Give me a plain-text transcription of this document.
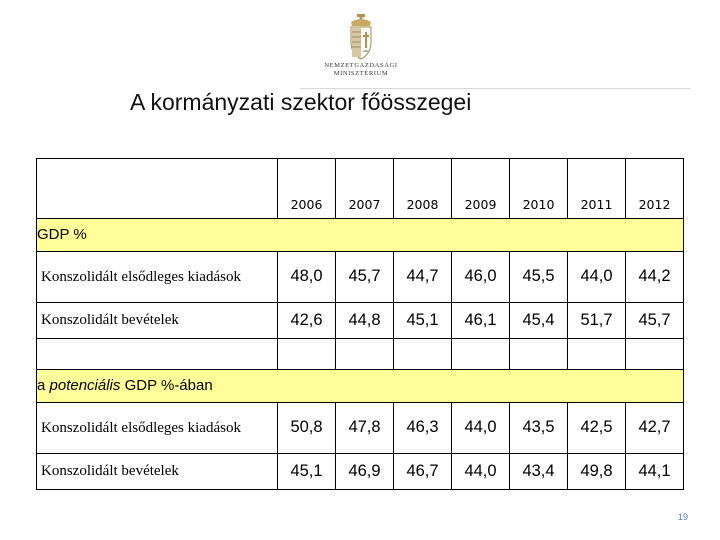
NEMZETGAZDASÁGI
MINISZTÉRIUM
A kormányzati szektor főösszegei
	2006	2007	2008	2009	2010	2011	2012
GDP %							
Konszolidált elsődleges kiadások	48,0	45,7	44,7	46,0	45,5	44,0	44,2
Konszolidált bevételek	42,6	44,8	45,1	46,1	45,4	51,7	45,7

a potenciális GDP %-ában							
Konszolidált elsődleges kiadások	50,8	47,8	46,3	44,0	43,5	42,5	42,7
Konszolidált bevételek	45,1	46,9	46,7	44,0	43,4	49,8	44,1
19
